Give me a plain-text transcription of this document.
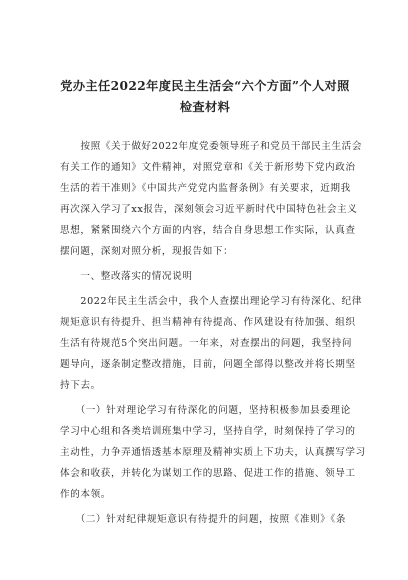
党办主任2022年度民主生活会“六个方面”个人对照
检查材料
　　按照《关于做好2022年度党委领导班子和党员干部民主生活会
有关工作的通知》文件精神，对照党章和《关于新形势下党内政治
生活的若干准则》《中国共产党党内监督条例》有关要求，近期我
再次深入学习了xx报告，深刻领会习近平新时代中国特色社会主义
思想，紧紧围绕六个方面的内容，结合自身思想工作实际，认真查
摆问题，深刻对照分析，现报告如下：
　　一、整改落实的情况说明
　　2022年民主生活会中，我个人查摆出理论学习有待深化、纪律
规矩意识有待提升、担当精神有待提高、作风建设有待加强、组织
生活有待规范5个突出问题。一年来，对查摆出的问题，我坚持问
题导向，逐条制定整改措施，目前，问题全部得以整改并将长期坚
持下去。
　　（一）针对理论学习有待深化的问题，坚持积极参加县委理论
学习中心组和各类培训班集中学习，坚持自学，时刻保持了学习的
主动性，力争弄通悟透基本原理及精神实质上下功夫，认真撰写学习
体会和收获，并转化为谋划工作的思路、促进工作的措施、领导工
作的本领。
　　（二）针对纪律规矩意识有待提升的问题，按照《准则》《条
